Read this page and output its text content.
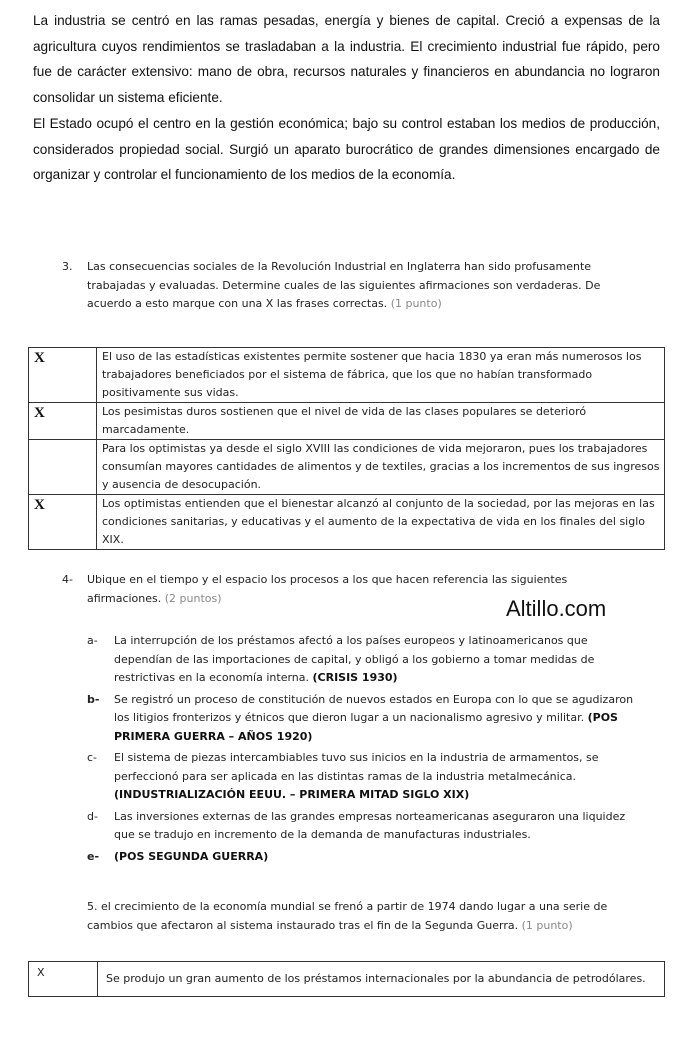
La industria se centró en las ramas pesadas, energía y bienes de capital. Creció a expensas de la agricultura cuyos rendimientos se trasladaban a la industria. El crecimiento industrial fue rápido, pero fue de carácter extensivo: mano de obra, recursos naturales y financieros en abundancia no lograron consolidar un sistema eficiente.
El Estado ocupó el centro en la gestión económica; bajo su control estaban los medios de producción, considerados propiedad social. Surgió un aparato burocrático de grandes dimensiones encargado de organizar y controlar el funcionamiento de los medios de la economía.
3. Las consecuencias sociales de la Revolución Industrial en Inglaterra han sido profusamente trabajadas y evaluadas. Determine cuales de las siguientes afirmaciones son verdaderas. De acuerdo a esto marque con una X las frases correctas. (1 punto)
X	El uso de las estadísticas existentes permite sostener que hacia 1830 ya eran más numerosos los trabajadores beneficiados por el sistema de fábrica, que los que no habían transformado positivamente sus vidas.
X	Los pesimistas duros sostienen que el nivel de vida de las clases populares se deterioró marcadamente.
	Para los optimistas ya desde el siglo XVIII las condiciones de vida mejoraron, pues los trabajadores consumían mayores cantidades de alimentos y de textiles, gracias a los incrementos de sus ingresos y ausencia de desocupación.
X	Los optimistas entienden que el bienestar alcanzó al conjunto de la sociedad, por las mejoras en las condiciones sanitarias, y educativas y el aumento de la expectativa de vida en los finales del siglo XIX.
4- Ubique en el tiempo y el espacio los procesos a los que hacen referencia las siguientes afirmaciones. (2 puntos)	Altillo.com
a- La interrupción de los préstamos afectó a los países europeos y latinoamericanos que dependían de las importaciones de capital, y obligó a los gobierno a tomar medidas de restrictivas en la economía interna. (CRISIS 1930)
b- Se registró un proceso de constitución de nuevos estados en Europa con lo que se agudizaron los litigios fronterizos y étnicos que dieron lugar a un nacionalismo agresivo y militar. (POS PRIMERA GUERRA – AÑOS 1920)
c- El sistema de piezas intercambiables tuvo sus inicios en la industria de armamentos, se perfeccionó para ser aplicada en las distintas ramas de la industria metalmecánica.
(INDUSTRIALIZACIÓN EEUU. – PRIMERA MITAD SIGLO XIX)
d- Las inversiones externas de las grandes empresas norteamericanas aseguraron una liquidez que se tradujo en incremento de la demanda de manufacturas industriales.
e- (POS SEGUNDA GUERRA)
5. el crecimiento de la economía mundial se frenó a partir de 1974 dando lugar a una serie de cambios que afectaron al sistema instaurado tras el fin de la Segunda Guerra. (1 punto)
X	Se produjo un gran aumento de los préstamos internacionales por la abundancia de petrodólares.
